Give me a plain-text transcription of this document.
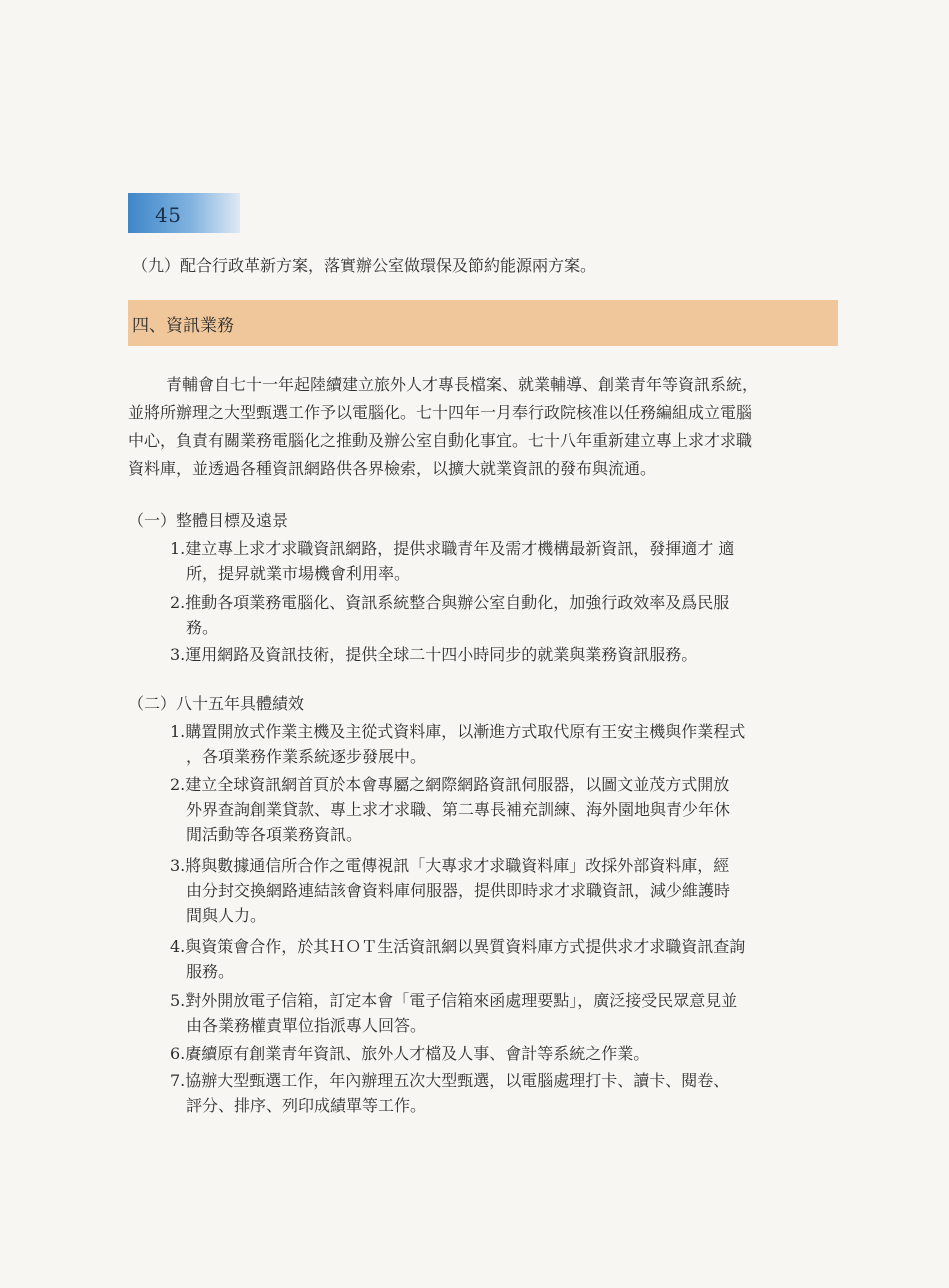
45
（九）配合行政革新方案，落實辦公室做環保及節約能源兩方案。
四、資訊業務
青輔會自七十一年起陸續建立旅外人才專長檔案、就業輔導、創業青年等資訊系統，
並將所辦理之大型甄選工作予以電腦化。七十四年一月奉行政院核准以任務編組成立電腦
中心，負責有關業務電腦化之推動及辦公室自動化事宜。七十八年重新建立專上求才求職
資料庫，並透過各種資訊網路供各界檢索，以擴大就業資訊的發布與流通。
（一）整體目標及遠景
1.建立專上求才求職資訊網路，提供求職青年及需才機構最新資訊，發揮適才 適
所，提昇就業市場機會利用率。
2.推動各項業務電腦化、資訊系統整合與辦公室自動化，加強行政效率及爲民服
務。
3.運用網路及資訊技術，提供全球二十四小時同步的就業與業務資訊服務。
（二）八十五年具體績效
1.購置開放式作業主機及主從式資料庫，以漸進方式取代原有王安主機與作業程式
，各項業務作業系統逐步發展中。
2.建立全球資訊網首頁於本會專屬之網際網路資訊伺服器，以圖文並茂方式開放
外界查詢創業貸款、專上求才求職、第二專長補充訓練、海外園地與青少年休
閒活動等各項業務資訊。
3.將與數據通信所合作之電傳視訊「大專求才求職資料庫」改採外部資料庫，經
由分封交換網路連結該會資料庫伺服器，提供即時求才求職資訊，減少維護時
間與人力。
4.與資策會合作，於其ＨＯＴ生活資訊網以異質資料庫方式提供求才求職資訊查詢
服務。
5.對外開放電子信箱，訂定本會「電子信箱來函處理要點」，廣泛接受民眾意見並
由各業務權責單位指派專人回答。
6.賡續原有創業青年資訊、旅外人才檔及人事、會計等系統之作業。
7.協辦大型甄選工作，年內辦理五次大型甄選，以電腦處理打卡、讀卡、閱卷、
評分、排序、列印成績單等工作。
